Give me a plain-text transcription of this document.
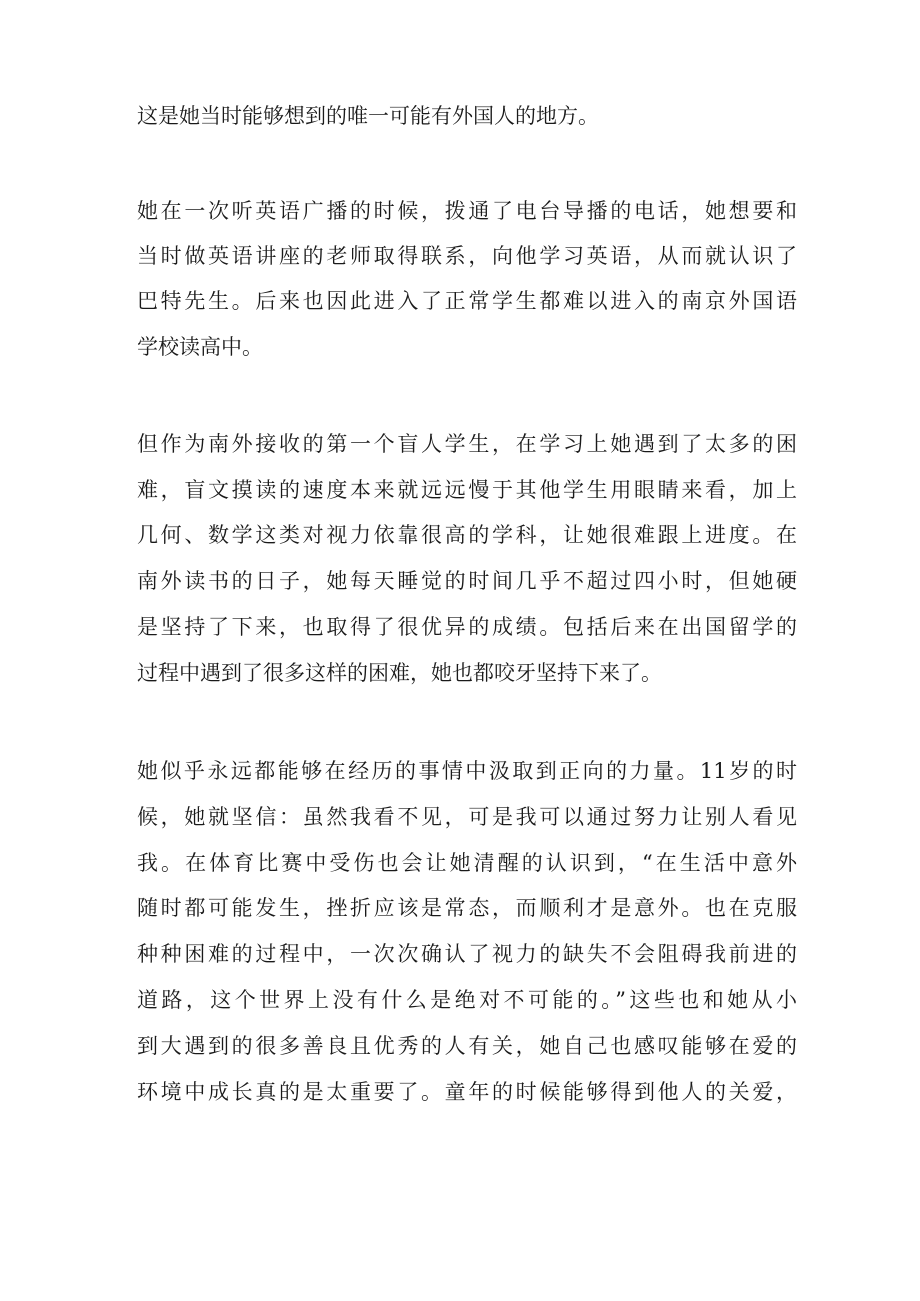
这是她当时能够想到的唯一可能有外国人的地方。

她在一次听英语广播的时候，拨通了电台导播的电话，她想要和

当时做英语讲座的老师取得联系，向他学习英语，从而就认识了

巴特先生。后来也因此进入了正常学生都难以进入的南京外国语

学校读高中。

但作为南外接收的第一个盲人学生，在学习上她遇到了太多的困

难，盲文摸读的速度本来就远远慢于其他学生用眼睛来看，加上

几何、数学这类对视力依靠很高的学科，让她很难跟上进度。在

南外读书的日子，她每天睡觉的时间几乎不超过四小时，但她硬

是坚持了下来，也取得了很优异的成绩。包括后来在出国留学的

过程中遇到了很多这样的困难，她也都咬牙坚持下来了。

她似乎永远都能够在经历的事情中汲取到正向的力量。11岁的时

候，她就坚信：虽然我看不见，可是我可以通过努力让别人看见

我。在体育比赛中受伤也会让她清醒的认识到，“在生活中意外

随时都可能发生，挫折应该是常态，而顺利才是意外。也在克服

种种困难的过程中，一次次确认了视力的缺失不会阻碍我前进的

道路，这个世界上没有什么是绝对不可能的。”这些也和她从小

到大遇到的很多善良且优秀的人有关，她自己也感叹能够在爱的

环境中成长真的是太重要了。童年的时候能够得到他人的关爱，
